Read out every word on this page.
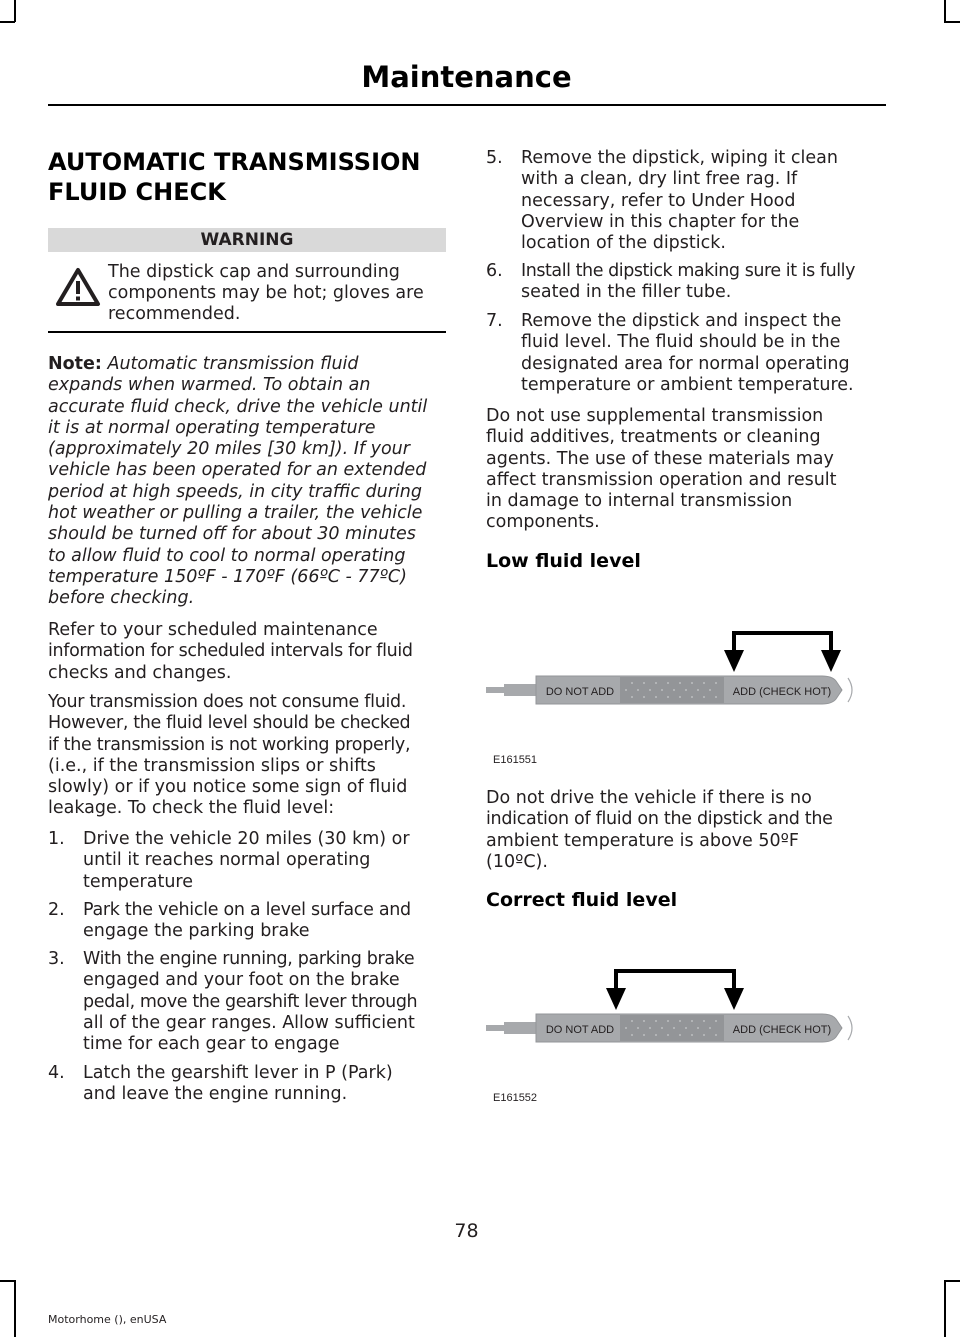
Maintenance
AUTOMATIC TRANSMISSION
FLUID CHECK
WARNING
The dipstick cap and surrounding
components may be hot; gloves are
recommended.
Note: Automatic transmission fluid
expands when warmed. To obtain an
accurate fluid check, drive the vehicle until
it is at normal operating temperature
(approximately 20 miles [30 km]). If your
vehicle has been operated for an extended
period at high speeds, in city traffic during
hot weather or pulling a trailer, the vehicle
should be turned off for about 30 minutes
to allow fluid to cool to normal operating
temperature 150ºF - 170ºF (66ºC - 77ºC)
before checking.
Refer to your scheduled maintenance
information for scheduled intervals for fluid
checks and changes.
Your transmission does not consume fluid.
However, the fluid level should be checked
if the transmission is not working properly,
(i.e., if the transmission slips or shifts
slowly) or if you notice some sign of fluid
leakage. To check the fluid level:
1. Drive the vehicle 20 miles (30 km) or
until it reaches normal operating
temperature
2. Park the vehicle on a level surface and
engage the parking brake
3. With the engine running, parking brake
engaged and your foot on the brake
pedal, move the gearshift lever through
all of the gear ranges. Allow sufficient
time for each gear to engage
4. Latch the gearshift lever in P (Park)
and leave the engine running.
5. Remove the dipstick, wiping it clean
with a clean, dry lint free rag. If
necessary, refer to Under Hood
Overview in this chapter for the
location of the dipstick.
6. Install the dipstick making sure it is fully
seated in the filler tube.
7. Remove the dipstick and inspect the
fluid level. The fluid should be in the
designated area for normal operating
temperature or ambient temperature.
Do not use supplemental transmission
fluid additives, treatments or cleaning
agents. The use of these materials may
affect transmission operation and result
in damage to internal transmission
components.
Low fluid level
DO NOT ADD	ADD (CHECK HOT)
E161551
Do not drive the vehicle if there is no
indication of fluid on the dipstick and the
ambient temperature is above 50ºF
(10ºC).
Correct fluid level
DO NOT ADD	ADD (CHECK HOT)
E161552
78
Motorhome (), enUSA
